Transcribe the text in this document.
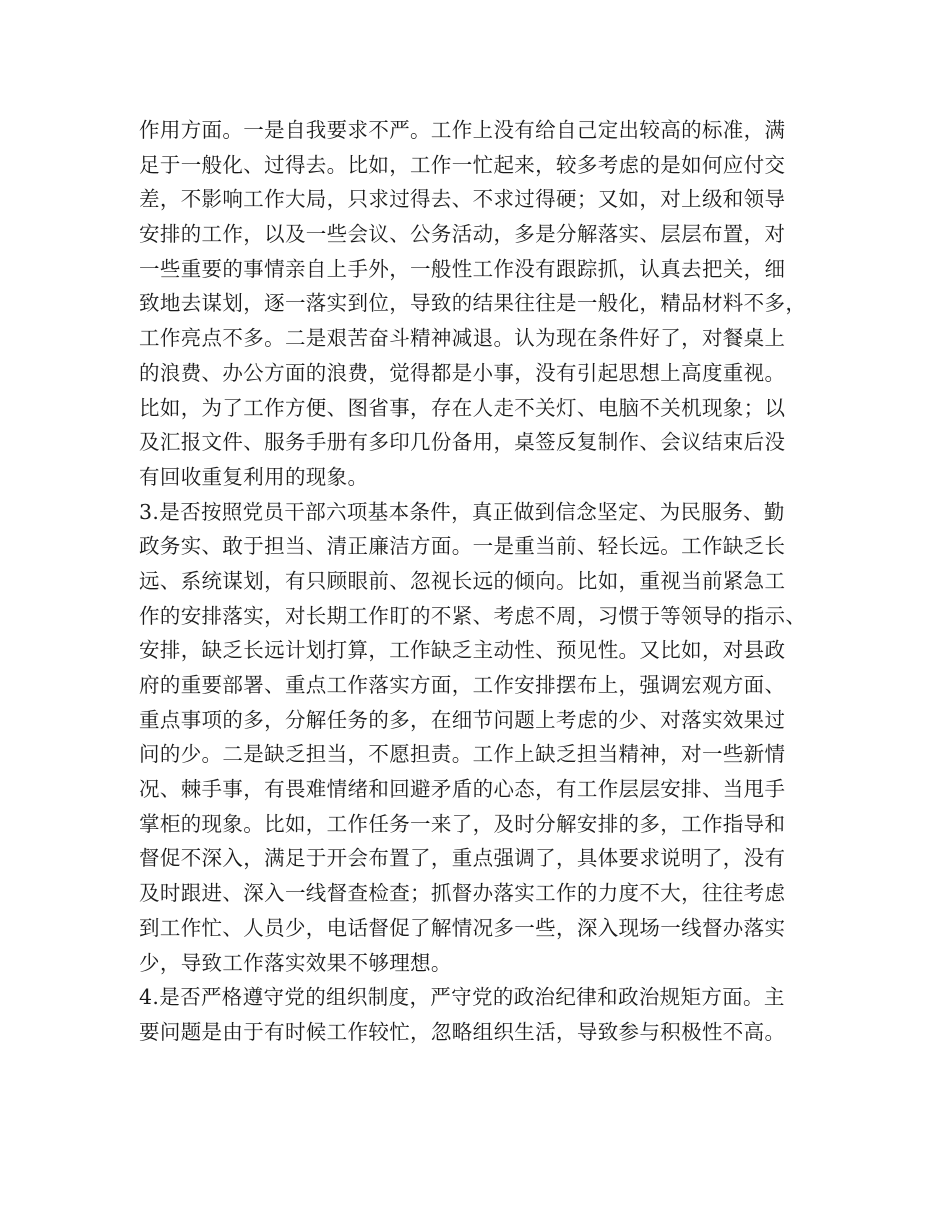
作用方面。一是自我要求不严。工作上没有给自己定出较高的标准，满
足于一般化、过得去。比如，工作一忙起来，较多考虑的是如何应付交
差，不影响工作大局，只求过得去、不求过得硬；又如，对上级和领导
安排的工作，以及一些会议、公务活动，多是分解落实、层层布置，对
一些重要的事情亲自上手外，一般性工作没有跟踪抓，认真去把关，细
致地去谋划，逐一落实到位，导致的结果往往是一般化，精品材料不多，
工作亮点不多。二是艰苦奋斗精神减退。认为现在条件好了，对餐桌上
的浪费、办公方面的浪费，觉得都是小事，没有引起思想上高度重视。
比如，为了工作方便、图省事，存在人走不关灯、电脑不关机现象；以
及汇报文件、服务手册有多印几份备用，桌签反复制作、会议结束后没
有回收重复利用的现象。
3.是否按照党员干部六项基本条件，真正做到信念坚定、为民服务、勤
政务实、敢于担当、清正廉洁方面。一是重当前、轻长远。工作缺乏长
远、系统谋划，有只顾眼前、忽视长远的倾向。比如，重视当前紧急工
作的安排落实，对长期工作盯的不紧、考虑不周，习惯于等领导的指示、
安排，缺乏长远计划打算，工作缺乏主动性、预见性。又比如，对县政
府的重要部署、重点工作落实方面，工作安排摆布上，强调宏观方面、
重点事项的多，分解任务的多，在细节问题上考虑的少、对落实效果过
问的少。二是缺乏担当，不愿担责。工作上缺乏担当精神，对一些新情
况、棘手事，有畏难情绪和回避矛盾的心态，有工作层层安排、当甩手
掌柜的现象。比如，工作任务一来了，及时分解安排的多，工作指导和
督促不深入，满足于开会布置了，重点强调了，具体要求说明了，没有
及时跟进、深入一线督查检查；抓督办落实工作的力度不大，往往考虑
到工作忙、人员少，电话督促了解情况多一些，深入现场一线督办落实
少，导致工作落实效果不够理想。
4.是否严格遵守党的组织制度，严守党的政治纪律和政治规矩方面。主
要问题是由于有时候工作较忙，忽略组织生活，导致参与积极性不高。
